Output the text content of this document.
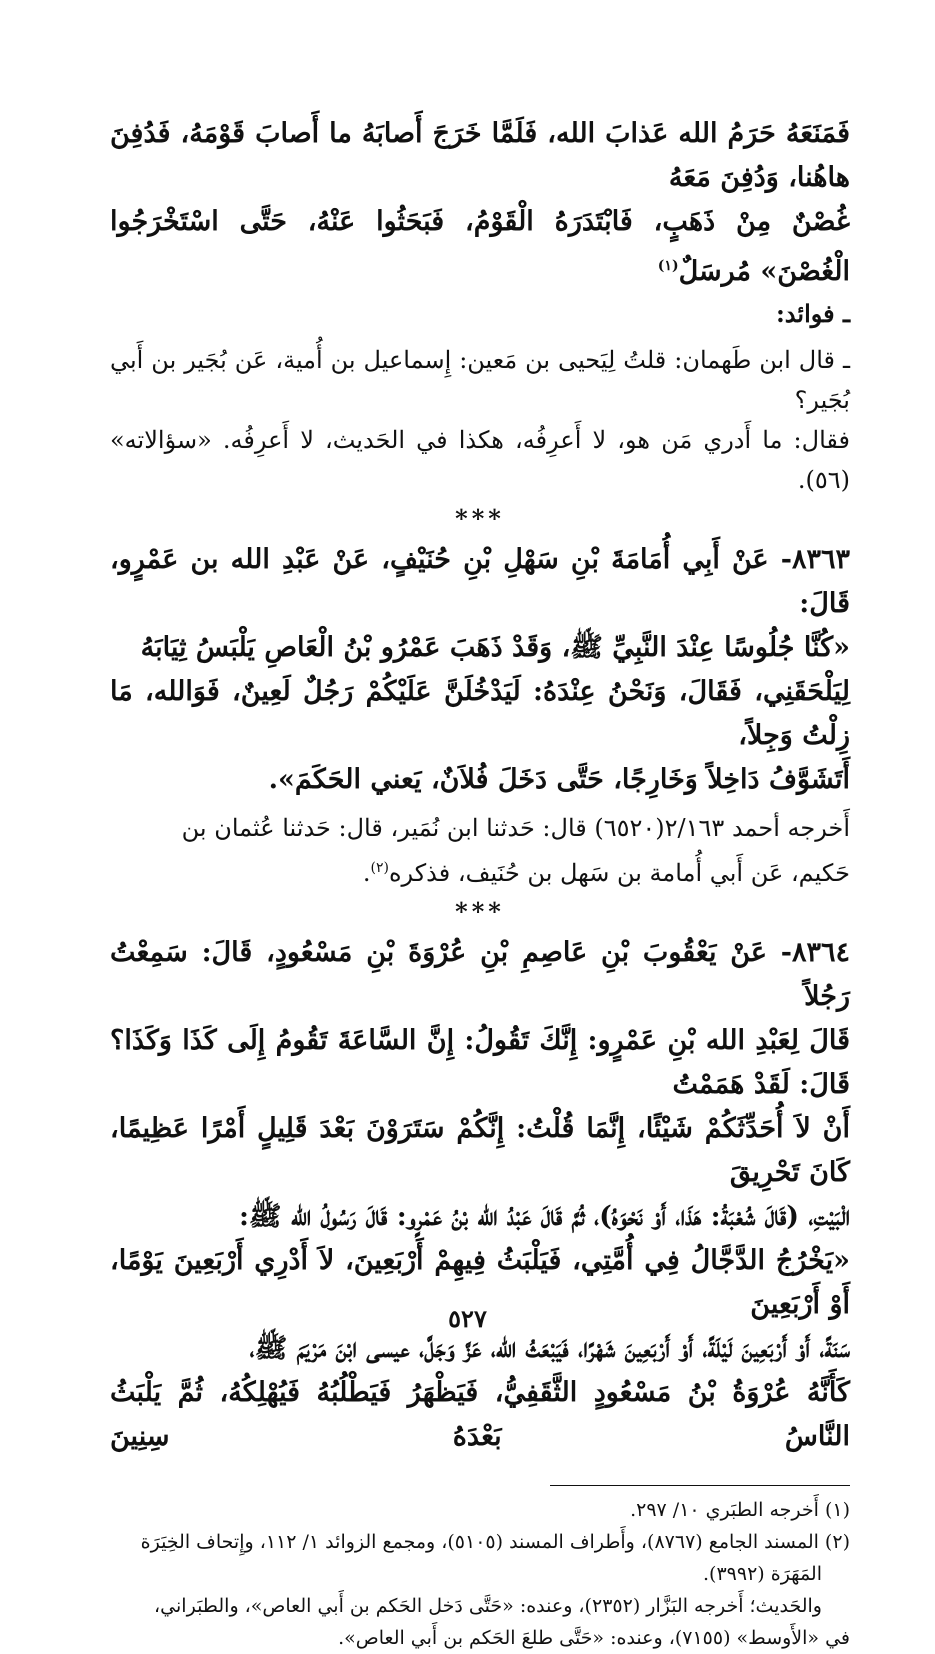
فَمَنَعَهُ حَرَمُ الله عَذابَ الله، فَلَمَّا خَرَجَ أَصابَهُ ما أَصابَ قَوْمَهُ، فَدُفِنَ هاهُنا، وَدُفِنَ مَعَهُ

غُصْنٌ مِنْ ذَهَبٍ، فَابْتَدَرَهُ الْقَوْمُ، فَبَحَثُوا عَنْهُ، حَتَّى اسْتَخْرَجُوا الْغُصْنَ» مُرسَلٌ$^{(١)}$

ـ فوائد:

ـ قال ابن طَهمان: قلتُ لِيَحيى بن مَعين: إِسماعيل بن أُمية، عَن بُجَير بن أَبي بُجَير؟

فقال: ما أَدري مَن هو، لا أَعرِفُه، هكذا في الحَديث، لا أَعرِفُه. «سؤالاته» (٥٦).

***

٨٣٦٣- عَنْ أَبِي أُمَامَةَ بْنِ سَهْلِ بْنِ حُنَيْفٍ، عَنْ عَبْدِ الله بن عَمْرٍو، قَالَ:

«كُنَّا جُلُوسًا عِنْدَ النَّبِيِّ ﷺ، وَقَدْ ذَهَبَ عَمْرُو بْنُ الْعَاصِ يَلْبَسُ ثِيَابَهُ

لِيَلْحَقَنِي، فَقَالَ، وَنَحْنُ عِنْدَهُ: لَيَدْخُلَنَّ عَلَيْكُمْ رَجُلٌ لَعِينٌ، فَوَالله، مَا زِلْتُ وَجِلاً،

أَتَشَوَّفُ دَاخِلاً وَخَارِجًا، حَتَّى دَخَلَ فُلاَنٌ، يَعني الحَكَمَ».

أَخرجه أحمد ٢/١٦٣(٦٥٢٠) قال: حَدثنا ابن نُمَير، قال: حَدثنا عُثمان بن

حَكيم، عَن أَبي أُمامة بن سَهل بن حُنَيف، فذكره$^{(٢)}$.

***

٨٣٦٤- عَنْ يَعْقُوبَ بْنِ عَاصِمِ بْنِ عُرْوَةَ بْنِ مَسْعُودٍ، قَالَ: سَمِعْتُ رَجُلاً

قَالَ لِعَبْدِ الله بْنِ عَمْرٍو: إِنَّكَ تَقُولُ: إِنَّ السَّاعَةَ تَقُومُ إِلَى كَذَا وَكَذَا؟ قَالَ: لَقَدْ هَمَمْتُ

أَنْ لاَ أُحَدِّثَكُمْ شَيْئًا، إِنَّمَا قُلْتُ: إِنَّكُمْ سَتَرَوْنَ بَعْدَ قَلِيلٍ أَمْرًا عَظِيمًا، كَانَ تَحْرِيقَ

الْبَيْتِ، (قَالَ شُعْبَةُ: هَذَا، أَوْ نَحْوَهُ)، ثُمَّ قَالَ عَبْدُ الله بْنُ عَمْرٍو: قَالَ رَسُولُ الله ﷺ:

«يَخْرُجُ الدَّجَّالُ فِي أُمَّتِي، فَيَلْبَثُ فِيهِمْ أَرْبَعِينَ، لاَ أَدْرِي أَرْبَعِينَ يَوْمًا، أَوْ أَرْبَعِينَ

سَنَةً، أَوْ أَرْبَعِينَ لَيْلَةً، أَوْ أَرْبَعِينَ شَهْرًا، فَيَبْعَثُ الله، عَزَّ وَجَلَّ، عيسى ابْنَ مَرْيَمَ ﷺ،

كَأَنَّهُ عُرْوَةُ بْنُ مَسْعُودٍ الثَّقَفِيُّ، فَيَظْهَرُ فَيَطْلُبُهُ فَيُهْلِكُهُ، ثُمَّ يَلْبَثُ النَّاسُ بَعْدَهُ سِنِينَ

(١) أَخرجه الطبَري ١٠/ ٢٩٧.

(٢) المسند الجامع (٨٧٦٧)، وأَطراف المسند (٥١٠٥)، ومجمع الزوائد ١/ ١١٢، وإِتحاف الخِيَرَة

المَهَرَة (٣٩٩٢).

والحَديث؛ أَخرجه البَزَّار (٢٣٥٢)، وعنده: «حَتَّى دَخل الحَكم بن أَبي العاص»، والطبَراني،

في «الأَوسط» (٧١٥٥)، وعنده: «حَتَّى طلعَ الحَكم بن أَبي العاص».

٥٢٧
